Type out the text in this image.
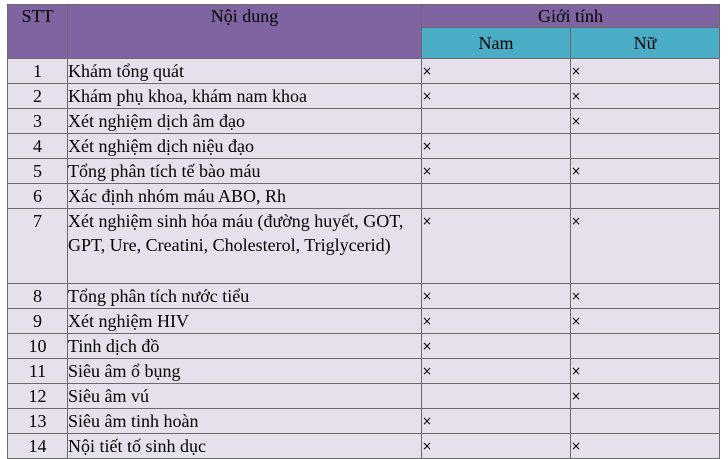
STT	Nội dung	Giới tính	
		Nam	Nữ
1	Khám tổng quát	×	×
2	Khám phụ khoa, khám nam khoa	×	×
3	Xét nghiệm dịch âm đạo		×
4	Xét nghiệm dịch niệu đạo	×	
5	Tổng phân tích tế bào máu	×	×
6	Xác định nhóm máu ABO, Rh		
7	Xét nghiệm sinh hóa máu (đường huyết, GOT, GPT, Ure, Creatini, Cholesterol, Triglycerid)	×	×
8	Tổng phân tích nước tiểu	×	×
9	Xét nghiệm HIV	×	×
10	Tinh dịch đồ	×	
11	Siêu âm ổ bụng	×	×
12	Siêu âm vú		×
13	Siêu âm tinh hoàn	×	
14	Nội tiết tố sinh dục	×	×
